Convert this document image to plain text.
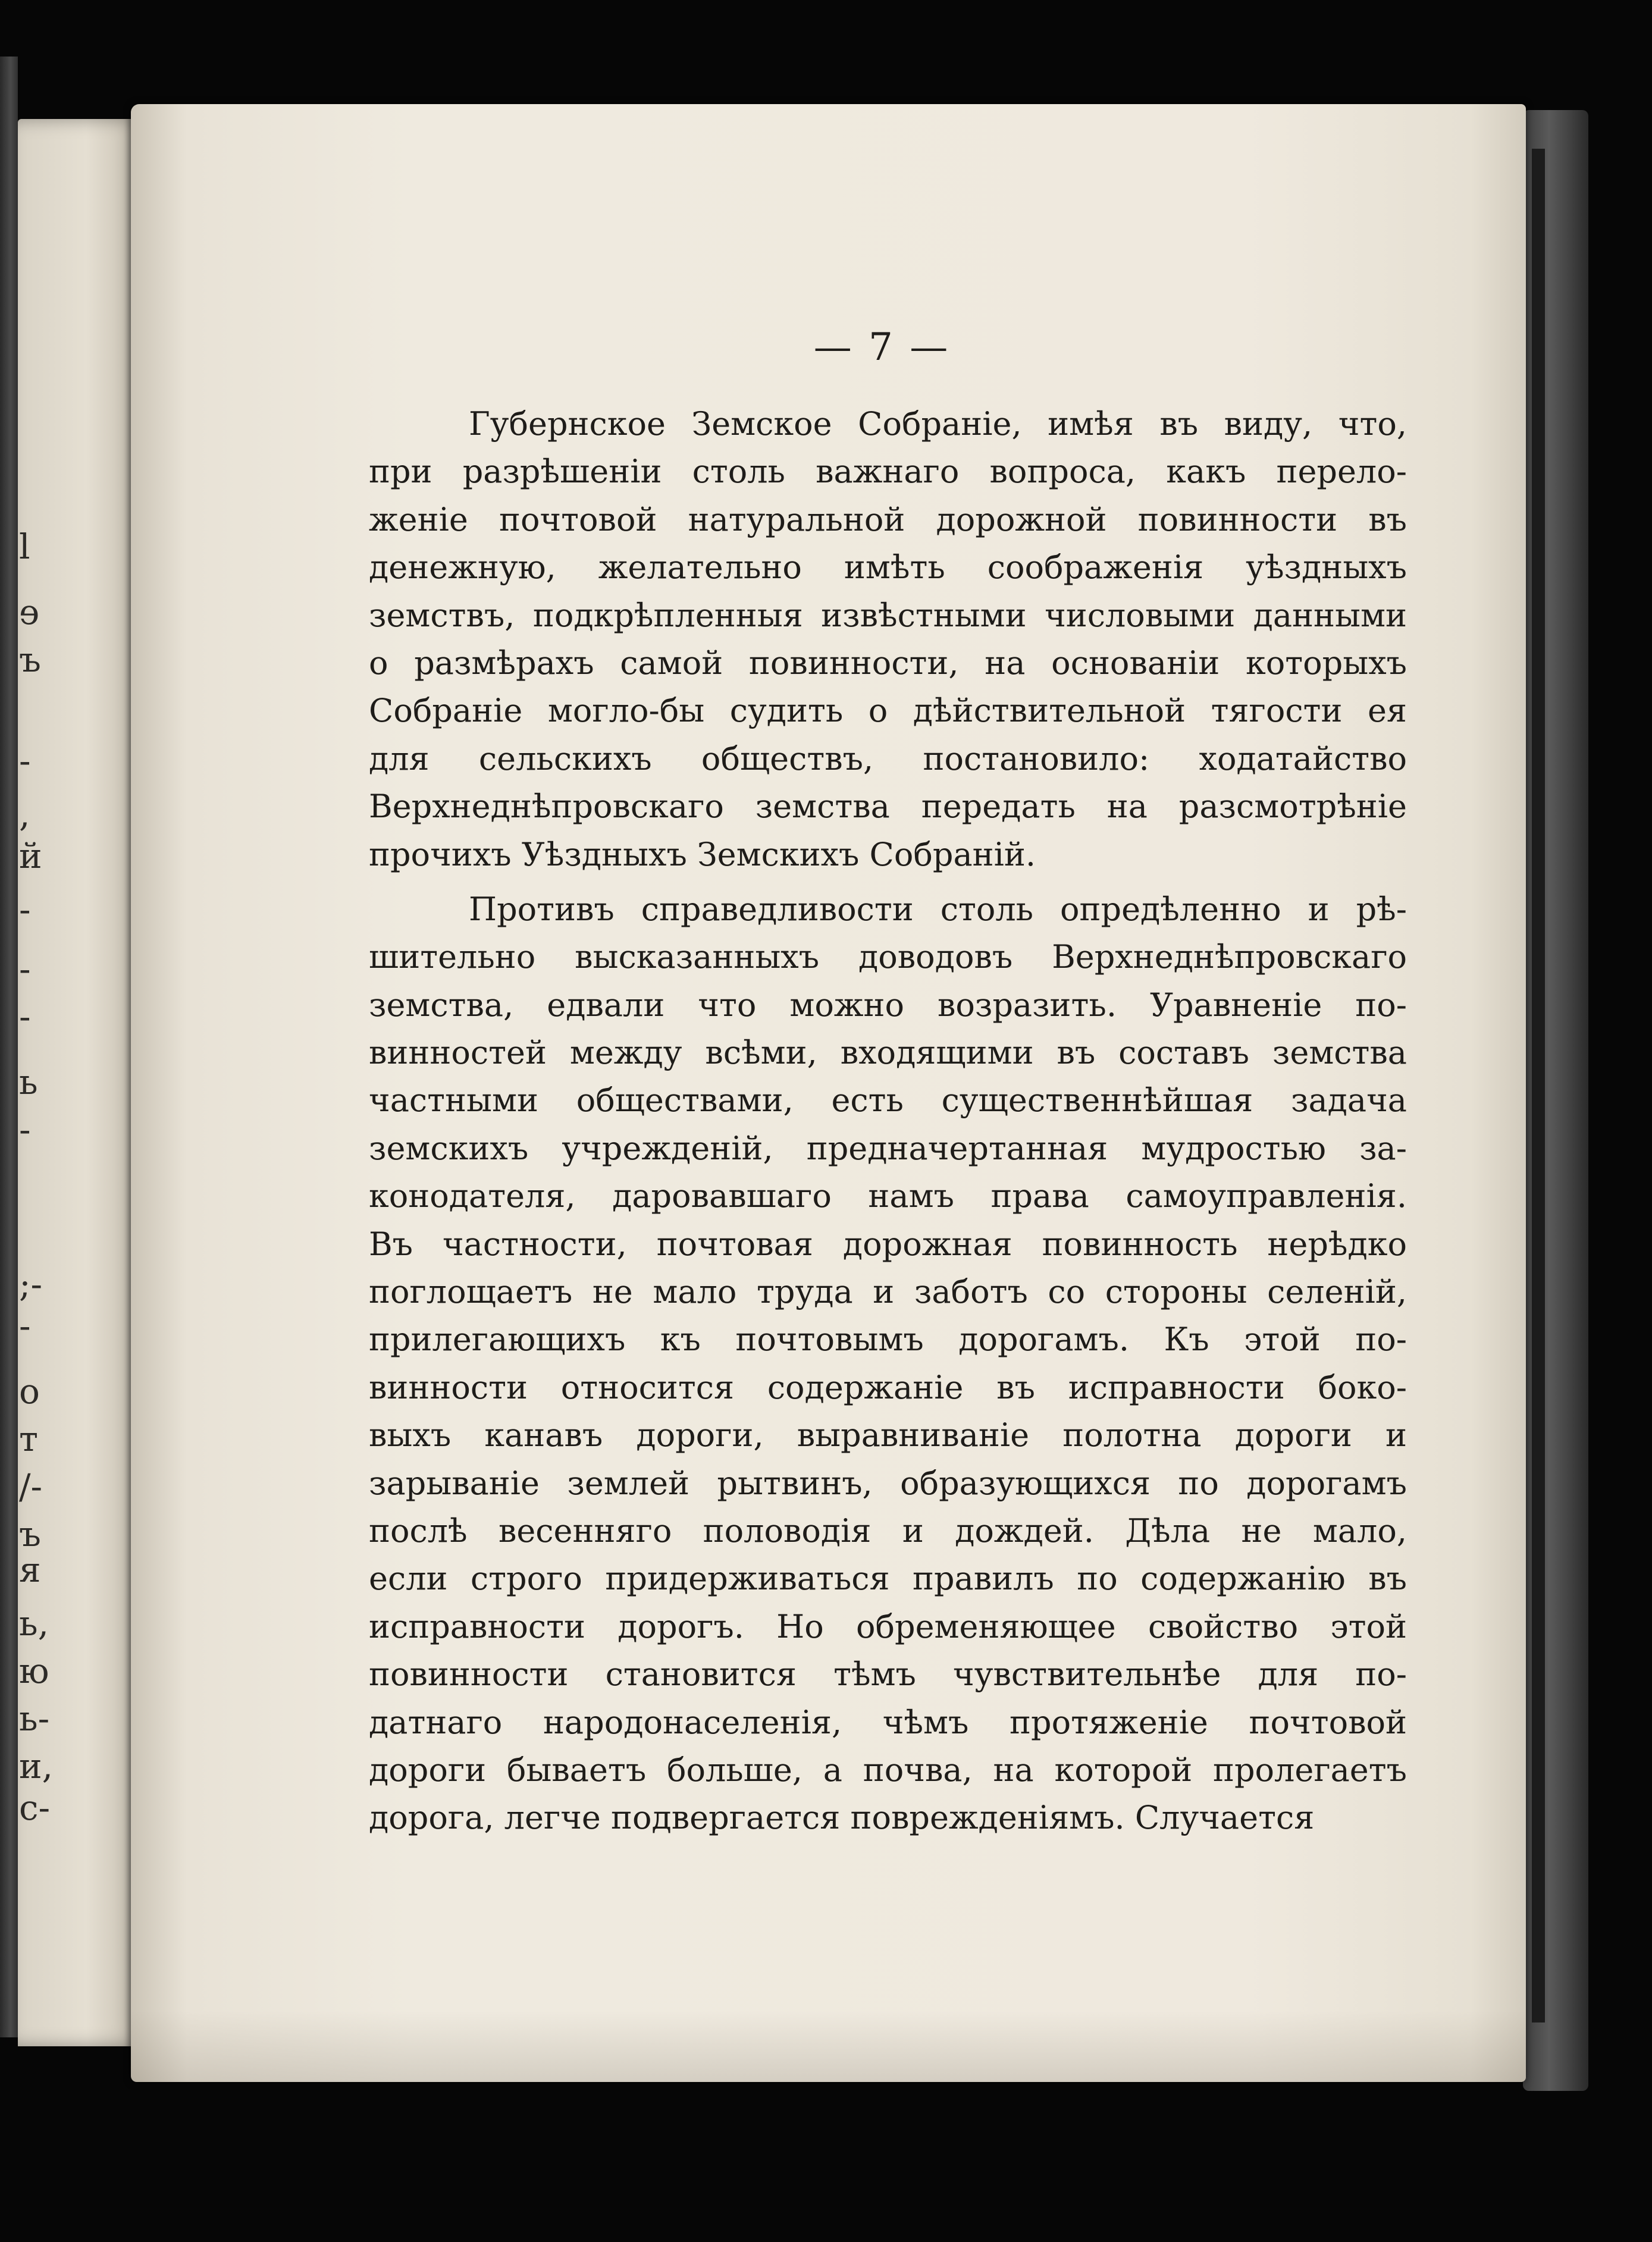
l
ɘ
ъ
-
,
й
-
-
-
ь
-
;-
-
о
т
/-
ъ
я
ь,
ю
ь-
и,
с-
— 7 —
Губернское Земское Собраніе, имѣя въ виду, что,
при разрѣшеніи столь важнаго вопроса, какъ перело-
женіе почтовой натуральной дорожной повинности въ
денежную, желательно имѣть соображенія уѣздныхъ
земствъ, подкрѣпленныя извѣстными числовыми данными
о размѣрахъ самой повинности, на основаніи которыхъ
Собраніе могло-бы судить о дѣйствительной тягости ея
для сельскихъ обществъ, постановило: ходатайство
Верхнеднѣпровскаго земства передать на разсмотрѣніе
прочихъ Уѣздныхъ Земскихъ Собраній.
Противъ справедливости столь опредѣленно и рѣ-
шительно высказанныхъ доводовъ Верхнеднѣпровскаго
земства, едвали что можно возразить. Уравненіе по-
винностей между всѣми, входящими въ составъ земства
частными обществами, есть существеннѣйшая задача
земскихъ учрежденій, предначертанная мудростью за-
конодателя, даровавшаго намъ права самоуправленія.
Въ частности, почтовая дорожная повинность нерѣдко
поглощаетъ не мало труда и заботъ со стороны селеній,
прилегающихъ къ почтовымъ дорогамъ. Къ этой по-
винности относится содержаніе въ исправности боко-
выхъ канавъ дороги, выравниваніе полотна дороги и
зарываніе землей рытвинъ, образующихся по дорогамъ
послѣ весенняго половодія и дождей. Дѣла не мало,
если строго придерживаться правилъ по содержанію въ
исправности дорогъ. Но обременяющее свойство этой
повинности становится тѣмъ чувствительнѣе для по-
датнаго народонаселенія, чѣмъ протяженіе почтовой
дороги бываетъ больше, а почва, на которой пролегаетъ
дорога, легче подвергается поврежденіямъ. Случается
